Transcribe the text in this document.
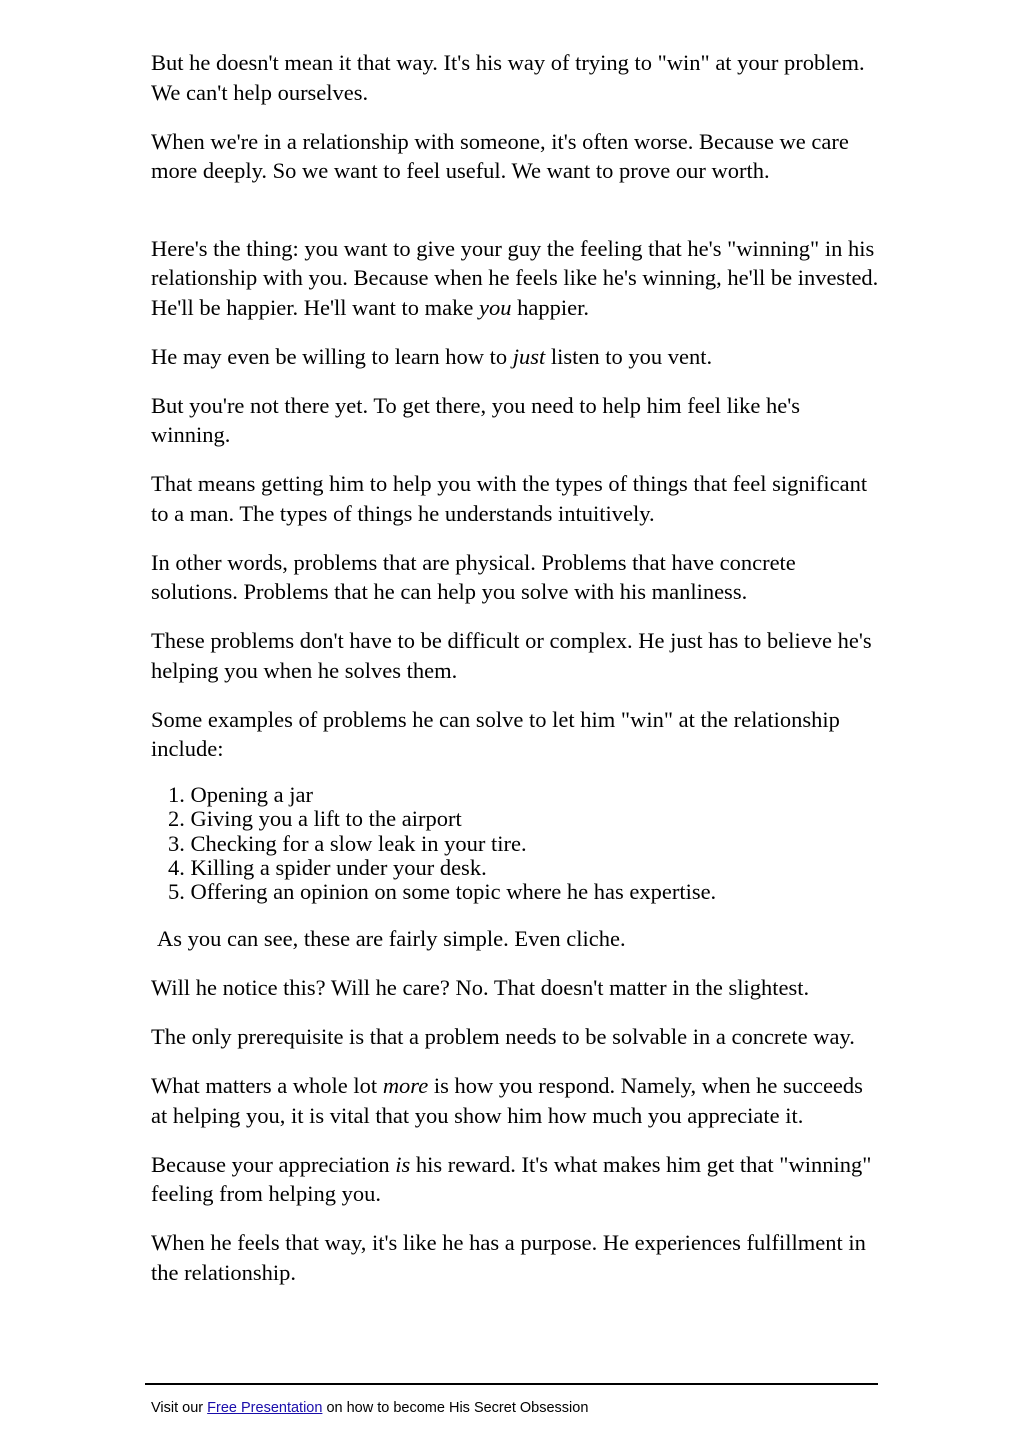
But he doesn't mean it that way. It's his way of trying to "win" at your problem. We can't help ourselves.

When we're in a relationship with someone, it's often worse. Because we care more deeply. So we want to feel useful. We want to prove our worth.

Here's the thing: you want to give your guy the feeling that he's "winning" in his relationship with you. Because when he feels like he's winning, he'll be invested. He'll be happier. He'll want to make you happier.

He may even be willing to learn how to just listen to you vent.

But you're not there yet. To get there, you need to help him feel like he's winning.

That means getting him to help you with the types of things that feel significant to a man. The types of things he understands intuitively.

In other words, problems that are physical. Problems that have concrete solutions. Problems that he can help you solve with his manliness.

These problems don't have to be difficult or complex. He just has to believe he's helping you when he solves them.

Some examples of problems he can solve to let him "win" at the relationship include:

1. Opening a jar
2. Giving you a lift to the airport
3. Checking for a slow leak in your tire.
4. Killing a spider under your desk.
5. Offering an opinion on some topic where he has expertise.

As you can see, these are fairly simple. Even cliche.

Will he notice this? Will he care? No. That doesn't matter in the slightest.

The only prerequisite is that a problem needs to be solvable in a concrete way.

What matters a whole lot more is how you respond. Namely, when he succeeds at helping you, it is vital that you show him how much you appreciate it.

Because your appreciation is his reward. It's what makes him get that "winning" feeling from helping you.

When he feels that way, it's like he has a purpose. He experiences fulfillment in the relationship.

Visit our Free Presentation on how to become His Secret Obsession
